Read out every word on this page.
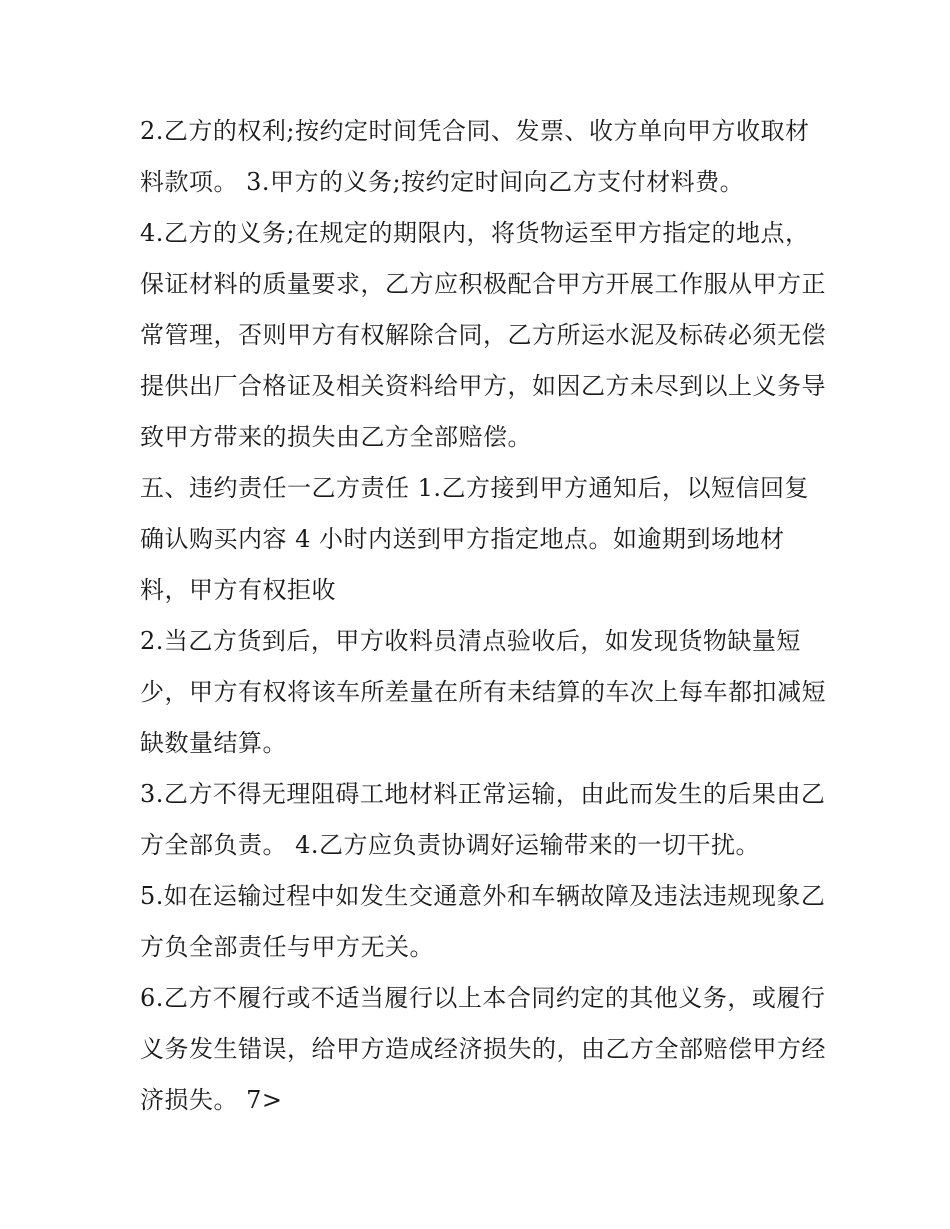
2.乙方的权利;按约定时间凭合同、发票、收方单向甲方收取材料款项。 3.甲方的义务;按约定时间向乙方支付材料费。

4.乙方的义务;在规定的期限内，将货物运至甲方指定的地点，保证材料的质量要求，乙方应积极配合甲方开展工作服从甲方正常管理，否则甲方有权解除合同，乙方所运水泥及标砖必须无偿提供出厂合格证及相关资料给甲方，如因乙方未尽到以上义务导致甲方带来的损失由乙方全部赔偿。

五、违约责任一乙方责任 1.乙方接到甲方通知后，以短信回复确认购买内容 4 小时内送到甲方指定地点。如逾期到场地材料，甲方有权拒收

2.当乙方货到后，甲方收料员清点验收后，如发现货物缺量短少，甲方有权将该车所差量在所有未结算的车次上每车都扣减短缺数量结算。

3.乙方不得无理阻碍工地材料正常运输，由此而发生的后果由乙方全部负责。 4.乙方应负责协调好运输带来的一切干扰。

5.如在运输过程中如发生交通意外和车辆故障及违法违规现象乙方负全部责任与甲方无关。

6.乙方不履行或不适当履行以上本合同约定的其他义务，或履行义务发生错误，给甲方造成经济损失的，由乙方全部赔偿甲方经济损失。 7>
